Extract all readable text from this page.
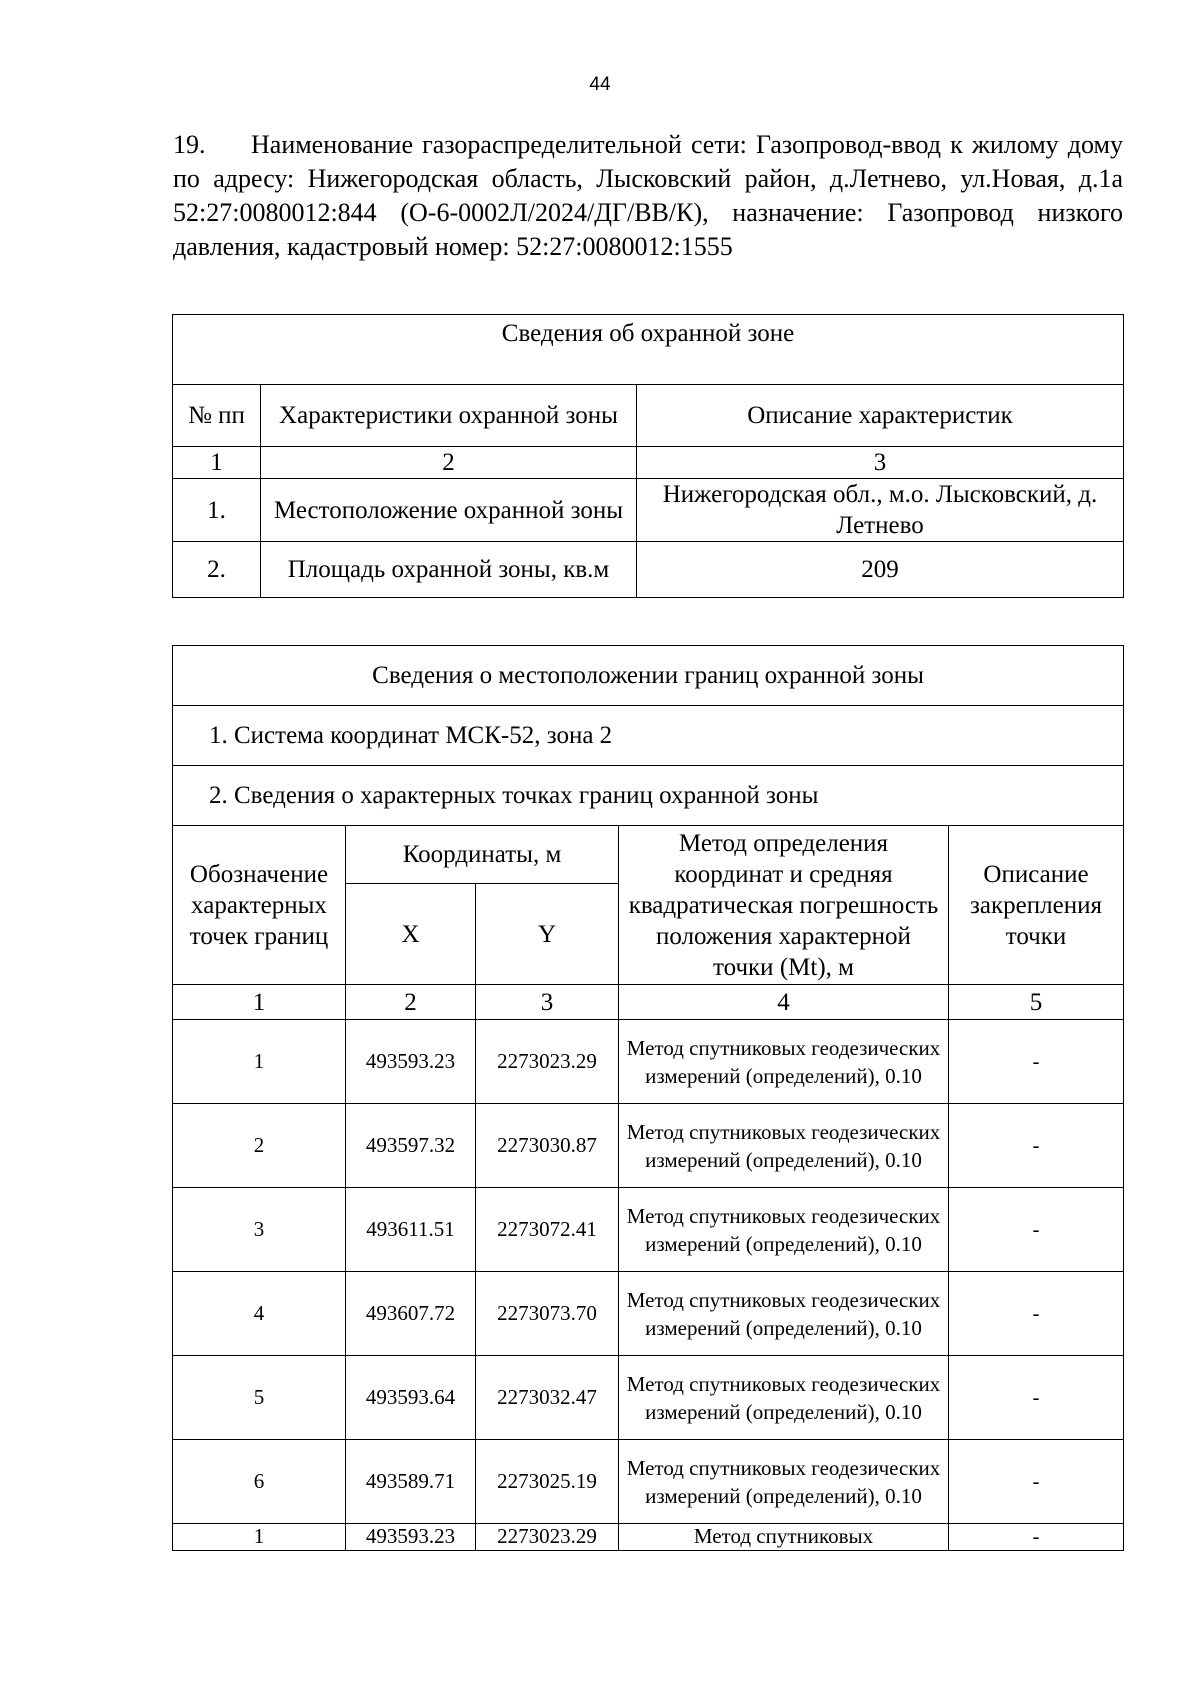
44
19. Наименование газораспределительной сети: Газопровод-ввод к жилому дому по адресу: Нижегородская область, Лысковский район, д.Летнево, ул.Новая, д.1а 52:27:0080012:844 (О-6-0002Л/2024/ДГ/ВВ/К), назначение: Газопровод низкого давления, кадастровый номер: 52:27:0080012:1555
Сведения об охранной зоне		
№ пп	Характеристики охранной зоны	Описание характеристик
1	2	3
1.	Местоположение охранной зоны	Нижегородская обл., м.о. Лысковский, д. Летнево
2.	Площадь охранной зоны, кв.м	209
Сведения о местоположении границ охранной зоны				
1. Система координат МСК-52, зона 2				
2. Сведения о характерных точках границ охранной зоны				
Обозначение характерных точек границ	Координаты, м		Метод определения координат и средняя квадратическая погрешность положения характерной точки (Mt), м	Описание закрепления точки
	X	Y		
1	2	3	4	5
1	493593.23	2273023.29	Метод спутниковых геодезических измерений (определений), 0.10	-
2	493597.32	2273030.87	Метод спутниковых геодезических измерений (определений), 0.10	-
3	493611.51	2273072.41	Метод спутниковых геодезических измерений (определений), 0.10	-
4	493607.72	2273073.70	Метод спутниковых геодезических измерений (определений), 0.10	-
5	493593.64	2273032.47	Метод спутниковых геодезических измерений (определений), 0.10	-
6	493589.71	2273025.19	Метод спутниковых геодезических измерений (определений), 0.10	-
1	493593.23	2273023.29	Метод спутниковых	-
